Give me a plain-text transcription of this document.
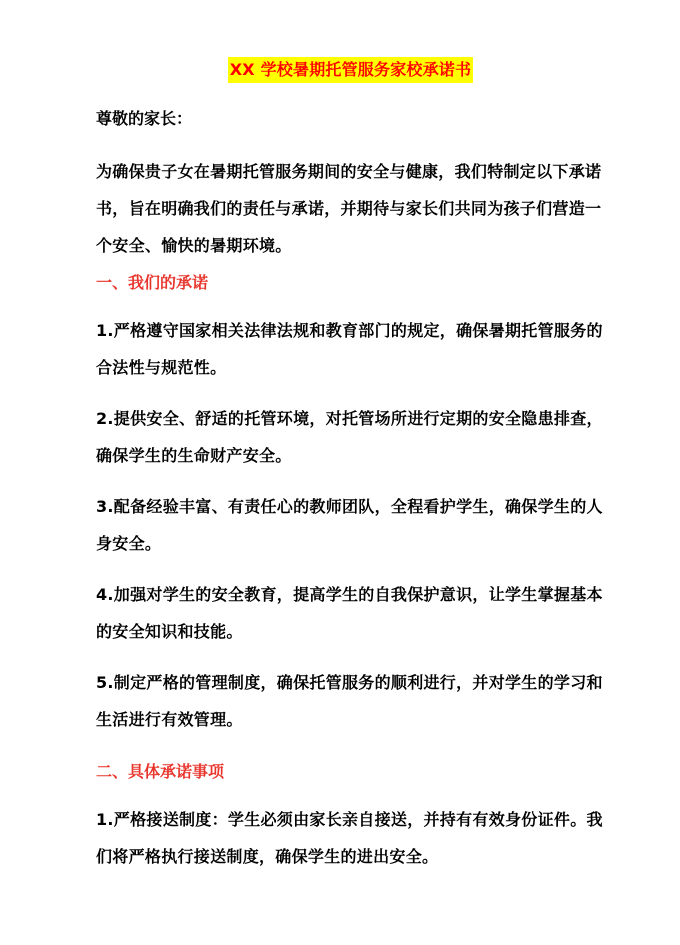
XX 学校暑期托管服务家校承诺书
尊敬的家长：
为确保贵子女在暑期托管服务期间的安全与健康，我们特制定以下承诺书，旨在明确我们的责任与承诺，并期待与家长们共同为孩子们营造一个安全、愉快的暑期环境。
一、我们的承诺
1.严格遵守国家相关法律法规和教育部门的规定，确保暑期托管服务的合法性与规范性。
2.提供安全、舒适的托管环境，对托管场所进行定期的安全隐患排查，确保学生的生命财产安全。
3.配备经验丰富、有责任心的教师团队，全程看护学生，确保学生的人身安全。
4.加强对学生的安全教育，提高学生的自我保护意识，让学生掌握基本的安全知识和技能。
5.制定严格的管理制度，确保托管服务的顺利进行，并对学生的学习和生活进行有效管理。
二、具体承诺事项
1.严格接送制度：学生必须由家长亲自接送，并持有有效身份证件。我们将严格执行接送制度，确保学生的进出安全。
